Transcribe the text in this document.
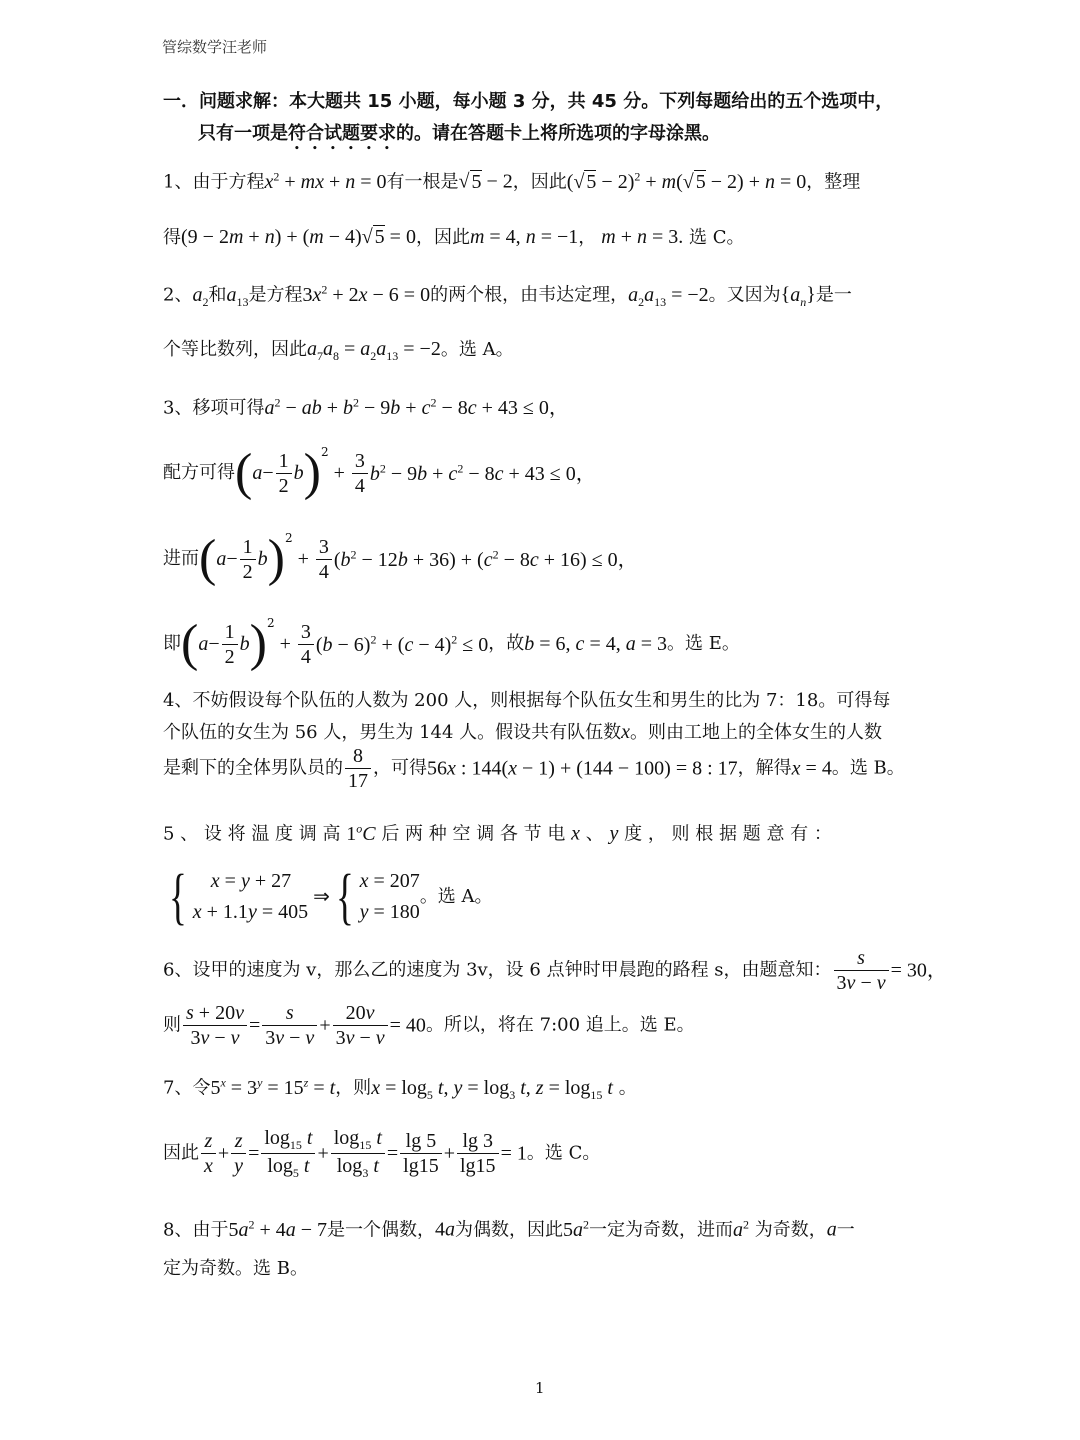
管综数学汪老师
一．问题求解：本大题共 15 小题，每小题 3 分，共 45 分。下列每题给出的五个选项中，
只有一项是符合试题要求的。请在答题卡上将所选项的字母涂黑。
1、由于方程$x^2$ + mx + n = 0有一根是√ 5 − 2，因此(√ 5 − 2)$^2$ + m(√ 5 − 2) + n = 0，整理
得(9 − 2m + n) + (m − 4)√ 5 = 0，因此m = 4, n = −1， m + n = 3. 选 C。
2、$a_2$和$a_{13}$是方程$3x^2 + 2x - 6 = 0$的两个根，由韦达定理，$a_2a_{13} = -2$。又因为$\{a_n\}$是一
个等比数列，因此$a_7a_8 = a_2a_{13} = -2$。选 A。
3、移项可得$a^2$ − ab + $b^2 - 9b + c^2 - 8c + 43 \le 0$，
配方可得$(a- \frac{1}{2} b)^2 + \frac{3}{4} b^2 - 9b + c^2 - 8c + 43 \le 0$，
进而$(a- \frac{1}{2} b)^2 + \frac{3}{4} (b^2 - 12b + 36) + (c^2 - 8c + 16) \le 0$，
即$(a- \frac{1}{2} b)^2 + \frac{3}{4} (b - 6)^2 + (c - 4)^2 \le 0$，故b = 6, c = 4, a = 3。选 E。
4、不妨假设每个队伍的人数为 200 人，则根据每个队伍女生和男生的比为 7：18。可得每
个队伍的女生为 56 人，男生为 144 人。假设共有队伍数x。则由工地上的全体女生的人数
是剩下的全体男队员的 $\frac{8}{17}$ ，可得56x : 144(x − 1) + (144 − 100) = 8 : 17，解得x = 4。选 B。
5 、 设 将 温 度 调 高 1$^o$C 后 两 种 空 调 各 节 电 x 、 y 度 ， 则 根 据 题 意 有 ：
{ x = y + 27
x + 1.1y = 405 ⇒{ x = 207
y = 180。选 A。
6、设甲的速度为 v，那么乙的速度为 3v，设 6 点钟时甲晨跑的路程 s，由题意知： $\frac{s}{3v - v} = 30$，
则 $\frac{s + 20v}{3v - v} = \frac{s}{3v - v} + \frac{20v}{3v - v} = 40$。所以，将在 7:00 追上。选 E。
7、令$5^x = 3^y = 15^z = t$，则$x = \log_5 t$, $y = \log_3 t$, $z = \log_{15} t$ 。
因此 $\frac{z}{x} + \frac{z}{y} = \frac{\log_{15} t}{\log_5 t} + \frac{\log_{15} t}{\log_3 t} = \frac{\lg 5}{\lg 15} + \frac{\lg 3}{\lg 15} = 1$。选 C。
8、由于$5a^2 + 4a - 7$是一个偶数，4a为偶数，因此$5a^2$一定为奇数，进而$a^2$ 为奇数，a一
定为奇数。选 B。
1
